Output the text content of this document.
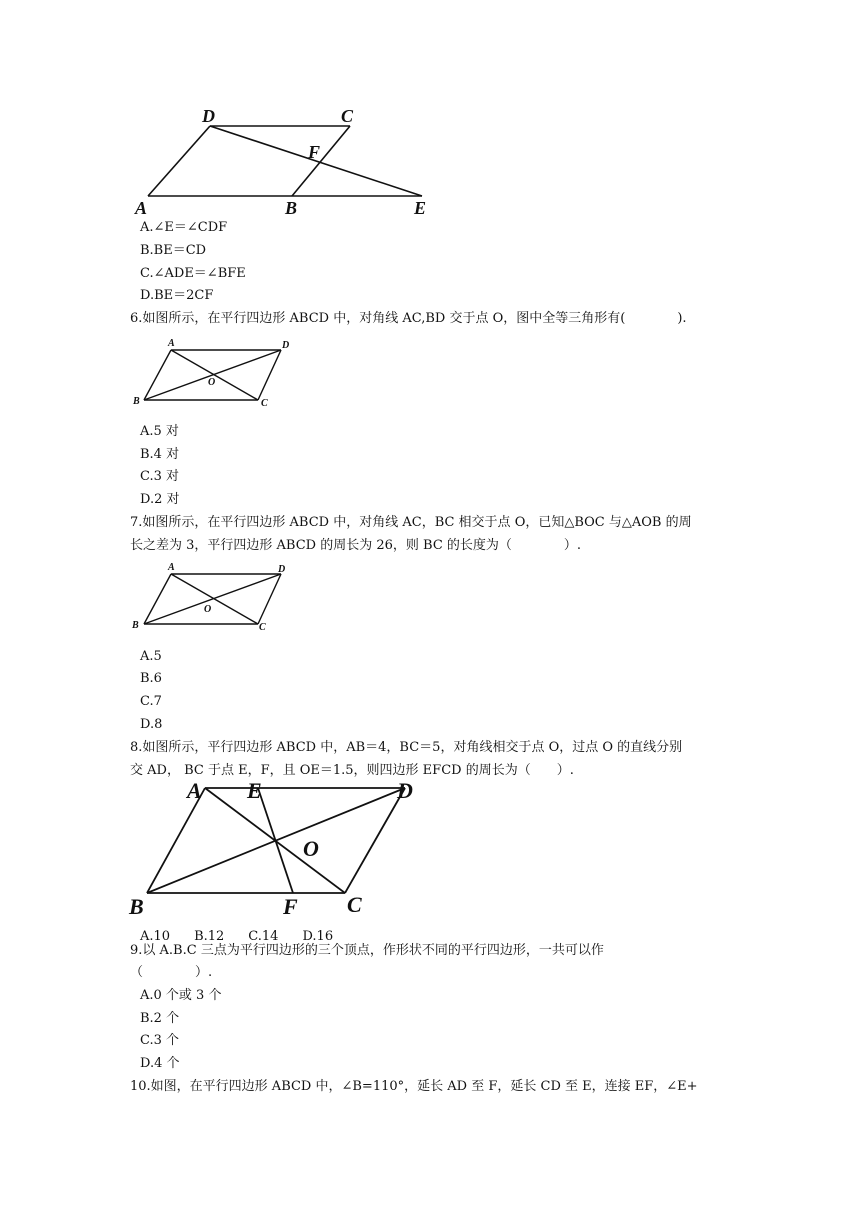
D	C
F
A	B	E
A.∠E＝∠CDF
B.BE＝CD
C.∠ADE＝∠BFE
D.BE＝2CF
6.如图所示，在平行四边形 ABCD 中，对角线 AC,BD 交于点 O，图中全等三角形有(　　　　).
A	D
O
B	C
A.5 对
B.4 对
C.3 对
D.2 对
7.如图所示，在平行四边形 ABCD 中，对角线 AC，BC 相交于点 O，已知△BOC 与△AOB 的周
长之差为 3，平行四边形 ABCD 的周长为 26，则 BC 的长度为（　　　　）.
A	D
O
B	C
A.5
B.6
C.7
D.8
8.如图所示，平行四边形 ABCD 中，AB＝4，BC＝5，对角线相交于点 O，过点 O 的直线分别
交 AD， BC 于点 E，F，且 OE＝1.5，则四边形 EFCD 的周长为（　　）.
A E	D
O
B	F C
A.10 B.12 C.14 D.16
9.以 A.B.C 三点为平行四边形的三个顶点，作形状不同的平行四边形，一共可以作
（　　　　）.
A.0 个或 3 个
B.2 个
C.3 个
D.4 个
10.如图，在平行四边形 ABCD 中，∠B=110°，延长 AD 至 F，延长 CD 至 E，连接 EF，∠E+
